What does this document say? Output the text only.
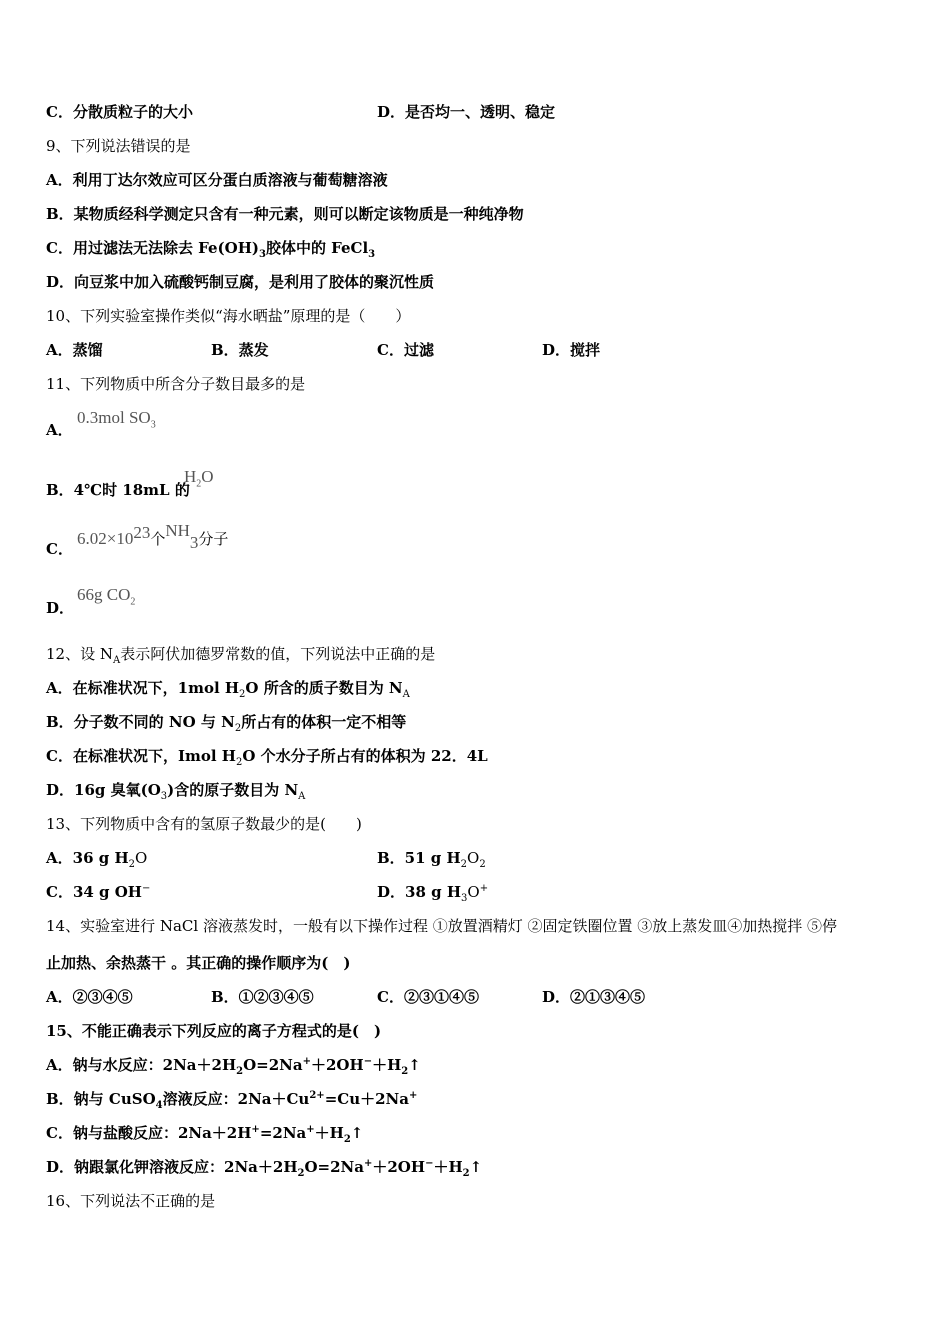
C．分散质粒子的大小	D．是否均一、透明、稳定
9、下列说法错误的是
A．利用丁达尔效应可区分蛋白质溶液与葡萄糖溶液
B．某物质经科学测定只含有一种元素，则可以断定该物质是一种纯净物
C．用过滤法无法除去 $Fe(OH)_3$胶体中的 FeCl$_3$
D．向豆浆中加入硫酸钙制豆腐，是利用了胶体的聚沉性质
10、下列实验室操作类似“海水晒盐”原理的是（　　）
A．蒸馏	B．蒸发	C．过滤	D．搅拌
11、下列物质中所含分子数目最多的是
A．
0.3mol $SO_3$
B．4℃时 18mL 的
$H_2O$
C．
$6.02\times 10^{23}$个$NH_3$分子
D．
66g $CO_2$
12、设 $N_A$表示阿伏加德罗常数的值，下列说法中正确的是
A．在标准状况下，1mol $H_2O$ 所含的质子数目为 $N_A$
B．分子数不同的 NO 与 $N_2$所占有的体积一定不相等
C．在标准状况下，Imol $H_2O$ 个水分子所占有的体积为 22．4L
D．16g 臭氧$(O_3)$含的原子数目为 $N_A$
13、下列物质中含有的氢原子数最少的是(　　)
A．36 g $H_2O$	B．51 g $H_2O_2$
C．34 g OH−	D．38 g $H_3O^+$
14、实验室进行 NaCl 溶液蒸发时，一般有以下操作过程 ①放置酒精灯 ②固定铁圈位置 ③放上蒸发皿④加热搅拌 ⑤停
止加热、余热蒸干 。其正确的操作顺序为(　)
A．②③④⑤	B．①②③④⑤	C．②③①④⑤	D．②①③④⑤
15、不能正确表示下列反应的离子方程式的是(　)
A．钠与水反应：$2Na+2H_2O=2Na^++2OH^-+H_2↑$
B．钠与 CuSO$_4$溶液反应：$2Na+Cu^{2+}=Cu+2Na^+$
C．钠与盐酸反应：$2Na+2H^+=2Na^++H_2↑$
D．钠跟氯化钾溶液反应：$2Na+2H_2O=2Na^++2OH^-+H_2↑$
16、下列说法不正确的是
